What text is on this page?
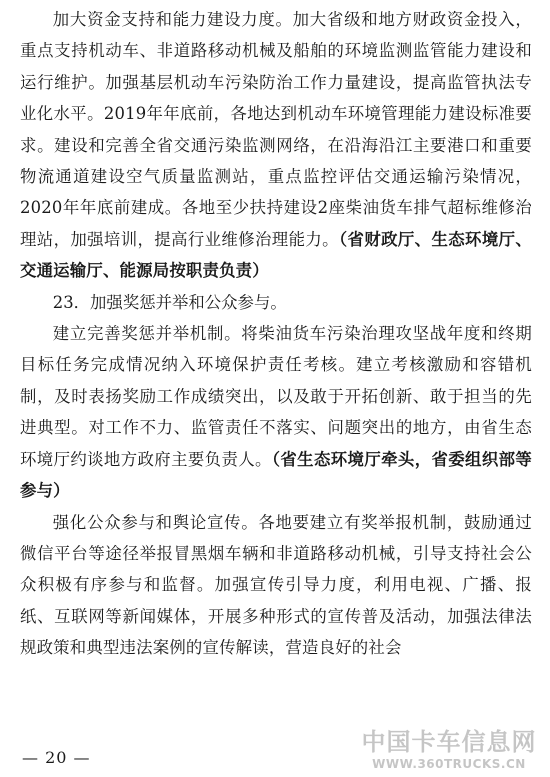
加大资金支持和能力建设力度。加大省级和地方财政资金投入，重点支持机动车、非道路移动机械及船舶的环境监测监管能力建设和运行维护。加强基层机动车污染防治工作力量建设，提高监管执法专业化水平。2019年年底前，各地达到机动车环境管理能力建设标准要求。建设和完善全省交通污染监测网络，在沿海沿江主要港口和重要物流通道建设空气质量监测站，重点监控评估交通运输污染情况，2020年年底前建成。各地至少扶持建设2座柴油货车排气超标维修治理站，加强培训，提高行业维修治理能力。（省财政厅、生态环境厅、交通运输厅、能源局按职责负责）

23．加强奖惩并举和公众参与。

建立完善奖惩并举机制。将柴油货车污染治理攻坚战年度和终期目标任务完成情况纳入环境保护责任考核。建立考核激励和容错机制，及时表扬奖励工作成绩突出，以及敢于开拓创新、敢于担当的先进典型。对工作不力、监管责任不落实、问题突出的地方，由省生态环境厅约谈地方政府主要负责人。（省生态环境厅牵头，省委组织部等参与）

强化公众参与和舆论宣传。各地要建立有奖举报机制，鼓励通过微信平台等途径举报冒黑烟车辆和非道路移动机械，引导支持社会公众积极有序参与和监督。加强宣传引导力度，利用电视、广播、报纸、互联网等新闻媒体，开展多种形式的宣传普及活动，加强法律法规政策和典型违法案例的宣传解读，营造良好的社会

— 20 —
中国卡车信息网
WWW.360TRUCKS.CN
